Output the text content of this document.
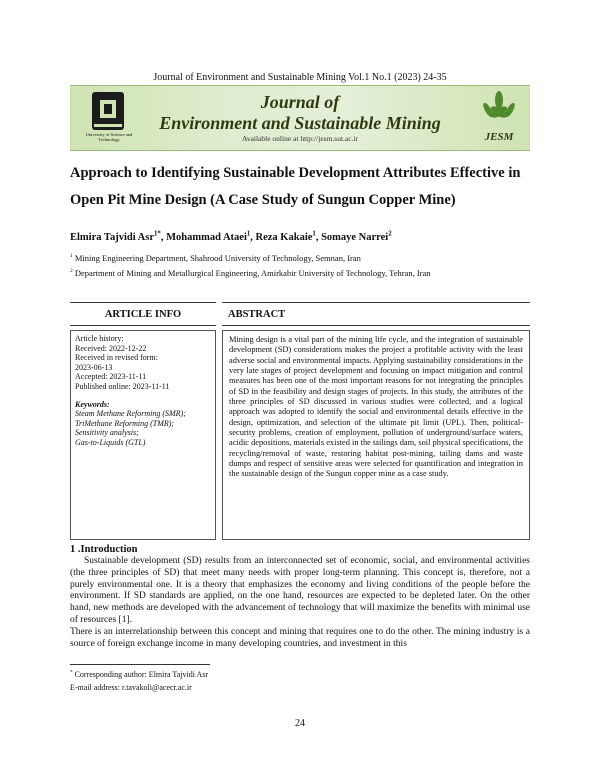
Journal of Environment and Sustainable Mining Vol.1 No.1 (2023) 24-35
University of Science and Technology
Journal of
Environment and Sustainable Mining
Available online at http://jesm.sut.ac.ir	JESM
Approach to Identifying Sustainable Development Attributes Effective in
Open Pit Mine Design (A Case Study of Sungun Copper Mine)
Elmira Tajvidi Asr$^{1*}$, Mohammad Ataei$^1$, Reza Kakaie$^1$, Somaye Narrei$^2$
$^1$ Mining Engineering Department, Shahrood University of Technology, Semnan, Iran
$^2$ Department of Mining and Metallurgical Engineering, Amirkabir University of Technology, Tehran, Iran
ARTICLE INFO	ABSTRACT
Article history:
Received: 2022-12-22
Received in revised form:
2023-06-13
Accepted: 2023-11-11
Published online: 2023-11-11
Keywords:
Steam Methane Reforming (SMR);
TriMethane Reforming (TMR);
Sensitivity analysis;
Gas-to-Liquids (GTL)
Mining design is a vital part of the mining life cycle, and the integration of sustainable development (SD) considerations makes the project a profitable activity with the least adverse social and environmental impacts. Applying sustainability considerations in the very late stages of project development and focusing on impact mitigation and control measures has been one of the most important reasons for not integrating the principles of SD in the feasibility and design stages of projects. In this study, the attributes of the three principles of SD discussed in various studies were collected, and a logical approach was adopted to identify the social and environmental details effective in the design, optimization, and selection of the ultimate pit limit (UPL). Then, political-security problems, creation of employment, pollution of underground/surface waters, acidic depositions, materials existed in the tailings dam, soil physical specifications, the recycling/removal of waste, restoring habitat post-mining, tailing dams and waste dumps and respect of sensitive areas were selected for quantification and integration in the sustainable design of the Sungun copper mine as a case study.
1 .Introduction

Sustainable development (SD) results from an interconnected set of economic, social, and environmental activities (the three principles of SD) that meet many needs with proper long-term planning. This concept is, therefore, not a purely environmental one. It is a theory that emphasizes the economy and living conditions of the people before the environment. If SD standards are applied, on the one hand, resources are expected to be depleted later. On the other hand, new methods are developed with the advancement of technology that will maximize the benefits with minimal use of resources [1].

There is an interrelationship between this concept and mining that requires one to do the other. The mining industry is a source of foreign exchange income in many developing countries, and investment in this

* Corresponding author: Elmira Tajvidi Asr
E-mail address: r.tavakoli@acecr.ac.ir
24
